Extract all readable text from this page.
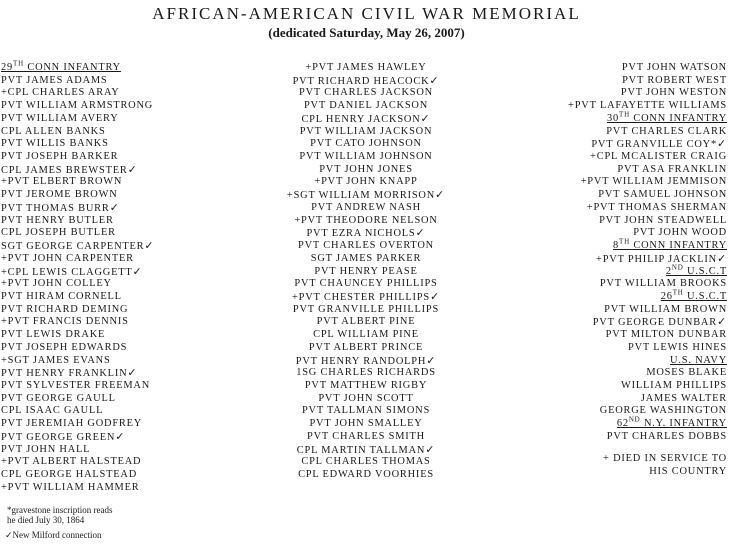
AFRICAN-AMERICAN CIVIL WAR MEMORIAL
(dedicated Saturday, May 26, 2007)
29TH CONN INFANTRY
PVT JAMES ADAMS
+CPL CHARLES ARAY
PVT WILLIAM ARMSTRONG
PVT WILLIAM AVERY
CPL ALLEN BANKS
PVT WILLIS BANKS
PVT JOSEPH BARKER
CPL JAMES BREWSTER✓
+PVT ELBERT BROWN
PVT JEROME BROWN
PVT THOMAS BURR✓
PVT HENRY BUTLER
CPL JOSEPH BUTLER
SGT GEORGE CARPENTER✓
+PVT JOHN CARPENTER
+CPL LEWIS CLAGGETT✓
+PVT JOHN COLLEY
PVT HIRAM CORNELL
PVT RICHARD DEMING
+PVT FRANCIS DENNIS
PVT LEWIS DRAKE
PVT JOSEPH EDWARDS
+SGT JAMES EVANS
PVT HENRY FRANKLIN✓
PVT SYLVESTER FREEMAN
PVT GEORGE GAULL
CPL ISAAC GAULL
PVT JEREMIAH GODFREY
PVT GEORGE GREEN✓
PVT JOHN HALL
+PVT ALBERT HALSTEAD
CPL GEORGE HALSTEAD
+PVT WILLIAM HAMMER
+PVT JAMES HAWLEY
PVT RICHARD HEACOCK✓
PVT CHARLES JACKSON
PVT DANIEL JACKSON
CPL HENRY JACKSON✓
PVT WILLIAM JACKSON
PVT CATO JOHNSON
PVT WILLIAM JOHNSON
PVT JOHN JONES
+PVT JOHN KNAPP
+SGT WILLIAM MORRISON✓
PVT ANDREW NASH
+PVT THEODORE NELSON
PVT EZRA NICHOLS✓
PVT CHARLES OVERTON
SGT JAMES PARKER
PVT HENRY PEASE
PVT CHAUNCEY PHILLIPS
+PVT CHESTER PHILLIPS✓
PVT GRANVILLE PHILLIPS
PVT ALBERT PINE
CPL WILLIAM PINE
PVT ALBERT PRINCE
PVT HENRY RANDOLPH✓
1SG CHARLES RICHARDS
PVT MATTHEW RIGBY
PVT JOHN SCOTT
PVT TALLMAN SIMONS
PVT JOHN SMALLEY
PVT CHARLES SMITH
CPL MARTIN TALLMAN✓
CPL CHARLES THOMAS
CPL EDWARD VOORHIES
PVT JOHN WATSON
PVT ROBERT WEST
PVT JOHN WESTON
+PVT LAFAYETTE WILLIAMS
30TH CONN INFANTRY
PVT CHARLES CLARK
PVT GRANVILLE COY*✓
+CPL MCALISTER CRAIG
PVT ASA FRANKLIN
+PVT WILLIAM JEMMISON
PVT SAMUEL JOHNSON
+PVT THOMAS SHERMAN
PVT JOHN STEADWELL
PVT JOHN WOOD
8TH CONN INFANTRY
+PVT PHILIP JACKLIN✓
2ND U.S.C.T
PVT WILLIAM BROOKS
26TH U.S.C.T
PVT WILLIAM BROWN
PVT GEORGE DUNBAR✓
PVT MILTON DUNBAR
PVT LEWIS HINES
U.S. NAVY
MOSES BLAKE
WILLIAM PHILLIPS
JAMES WALTER
GEORGE WASHINGTON
62ND N.Y. INFANTRY
PVT CHARLES DOBBS
+ DIED IN SERVICE TO
HIS COUNTRY
*gravestone inscription reads
he died July 30, 1864
✓New Milford connection
